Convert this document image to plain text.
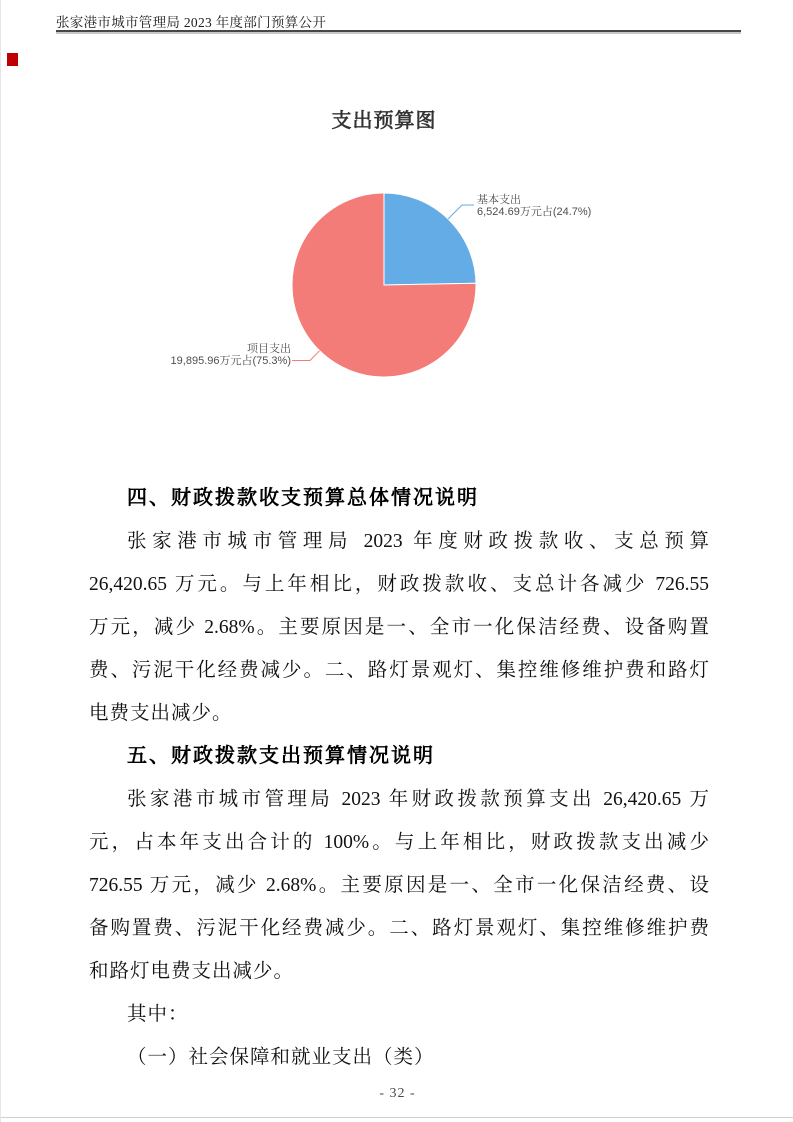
张家港市城市管理局 2023 年度部门预算公开
支出预算图
基本支出
6,524.69万元占(24.7%)
项目支出
19,895.96万元占(75.3%)
四、财政拨款收支预算总体情况说明
张家港市城市管理局 2023 年度财政拨款收、支总预算
26,420.65 万元。与上年相比，财政拨款收、支总计各减少 726.55
万元，减少 2.68%。主要原因是一、全市一化保洁经费、设备购置
费、污泥干化经费减少。二、路灯景观灯、集控维修维护费和路灯
电费支出减少。
五、财政拨款支出预算情况说明
张家港市城市管理局 2023 年财政拨款预算支出 26,420.65 万
元，占本年支出合计的 100%。与上年相比，财政拨款支出减少
726.55 万元，减少 2.68%。主要原因是一、全市一化保洁经费、设
备购置费、污泥干化经费减少。二、路灯景观灯、集控维修维护费
和路灯电费支出减少。
其中：
（一）社会保障和就业支出（类）
- 32 -
